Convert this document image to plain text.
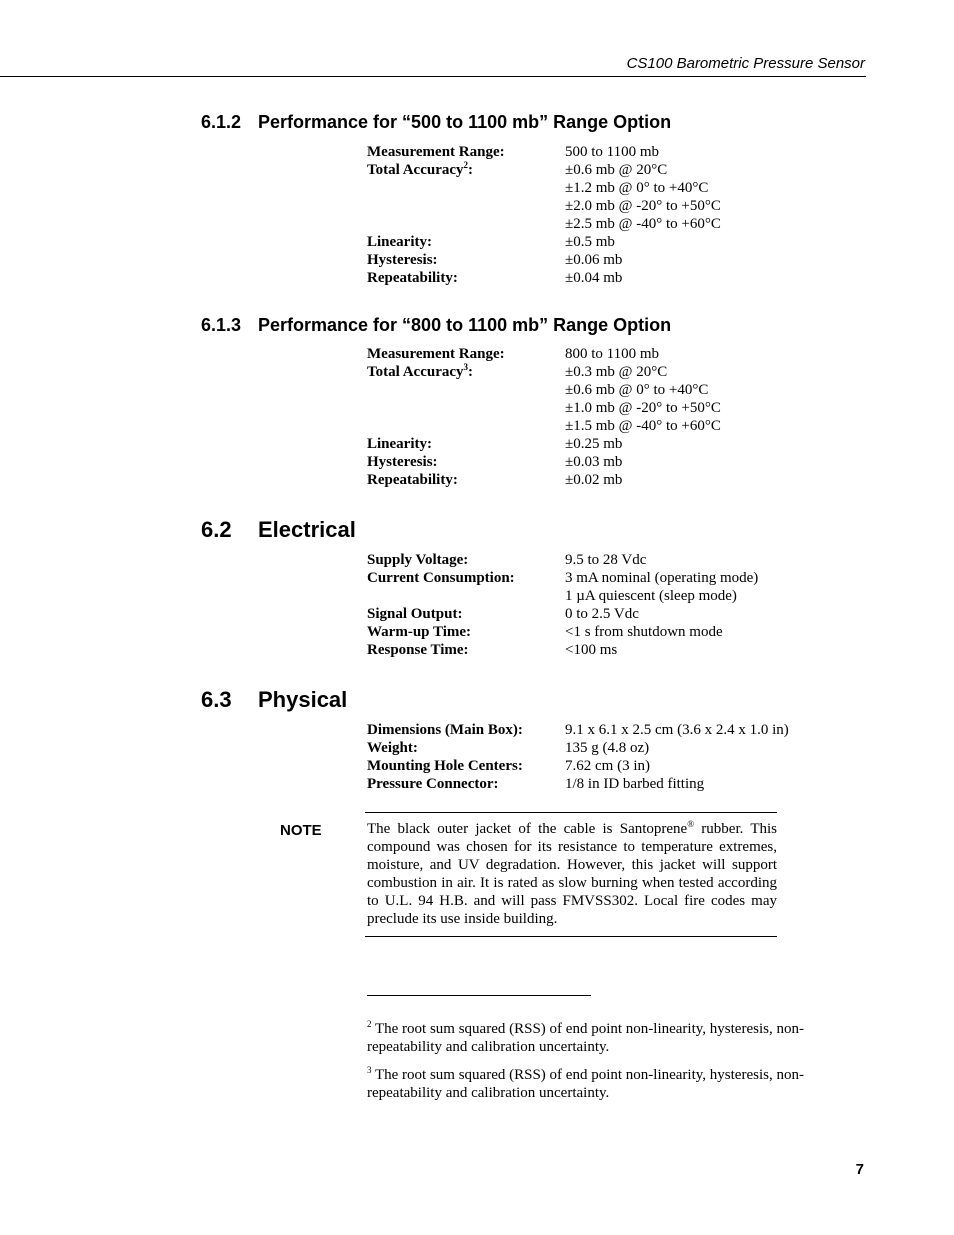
CS100 Barometric Pressure Sensor
6.1.2 Performance for “500 to 1100 mb” Range Option
Measurement Range:	500 to 1100 mb
Total Accuracy$^2$:	±0.6 mb @ 20°C
±1.2 mb @ 0° to +40°C
±2.0 mb @ -20° to +50°C
±2.5 mb @ -40° to +60°C
Linearity:	±0.5 mb
Hysteresis:	±0.06 mb
Repeatability:	±0.04 mb
6.1.3 Performance for “800 to 1100 mb” Range Option
Measurement Range:	800 to 1100 mb
Total Accuracy$^3$:	±0.3 mb @ 20°C
±0.6 mb @ 0° to +40°C
±1.0 mb @ -20° to +50°C
±1.5 mb @ -40° to +60°C
Linearity:	±0.25 mb
Hysteresis:	±0.03 mb
Repeatability:	±0.02 mb
6.2 Electrical
Supply Voltage:	9.5 to 28 Vdc
Current Consumption:	3 mA nominal (operating mode)
1 µA quiescent (sleep mode)
Signal Output:	0 to 2.5 Vdc
Warm-up Time:	<1 s from shutdown mode
Response Time:	<100 ms
6.3 Physical
Dimensions (Main Box):	9.1 x 6.1 x 2.5 cm (3.6 x 2.4 x 1.0 in)
Weight:	135 g (4.8 oz)
Mounting Hole Centers:	7.62 cm (3 in)
Pressure Connector:	1/8 in ID barbed fitting
NOTE	The black outer jacket of the cable is Santoprene® rubber. This compound was chosen for its resistance to temperature extremes, moisture, and UV degradation. However, this jacket will support combustion in air. It is rated as slow burning when tested according to U.L. 94 H.B. and will pass FMVSS302. Local fire codes may preclude its use inside building.
$^2$ The root sum squared (RSS) of end point non-linearity, hysteresis, non-repeatability and calibration uncertainty.
$^3$ The root sum squared (RSS) of end point non-linearity, hysteresis, non-repeatability and calibration uncertainty.
7
